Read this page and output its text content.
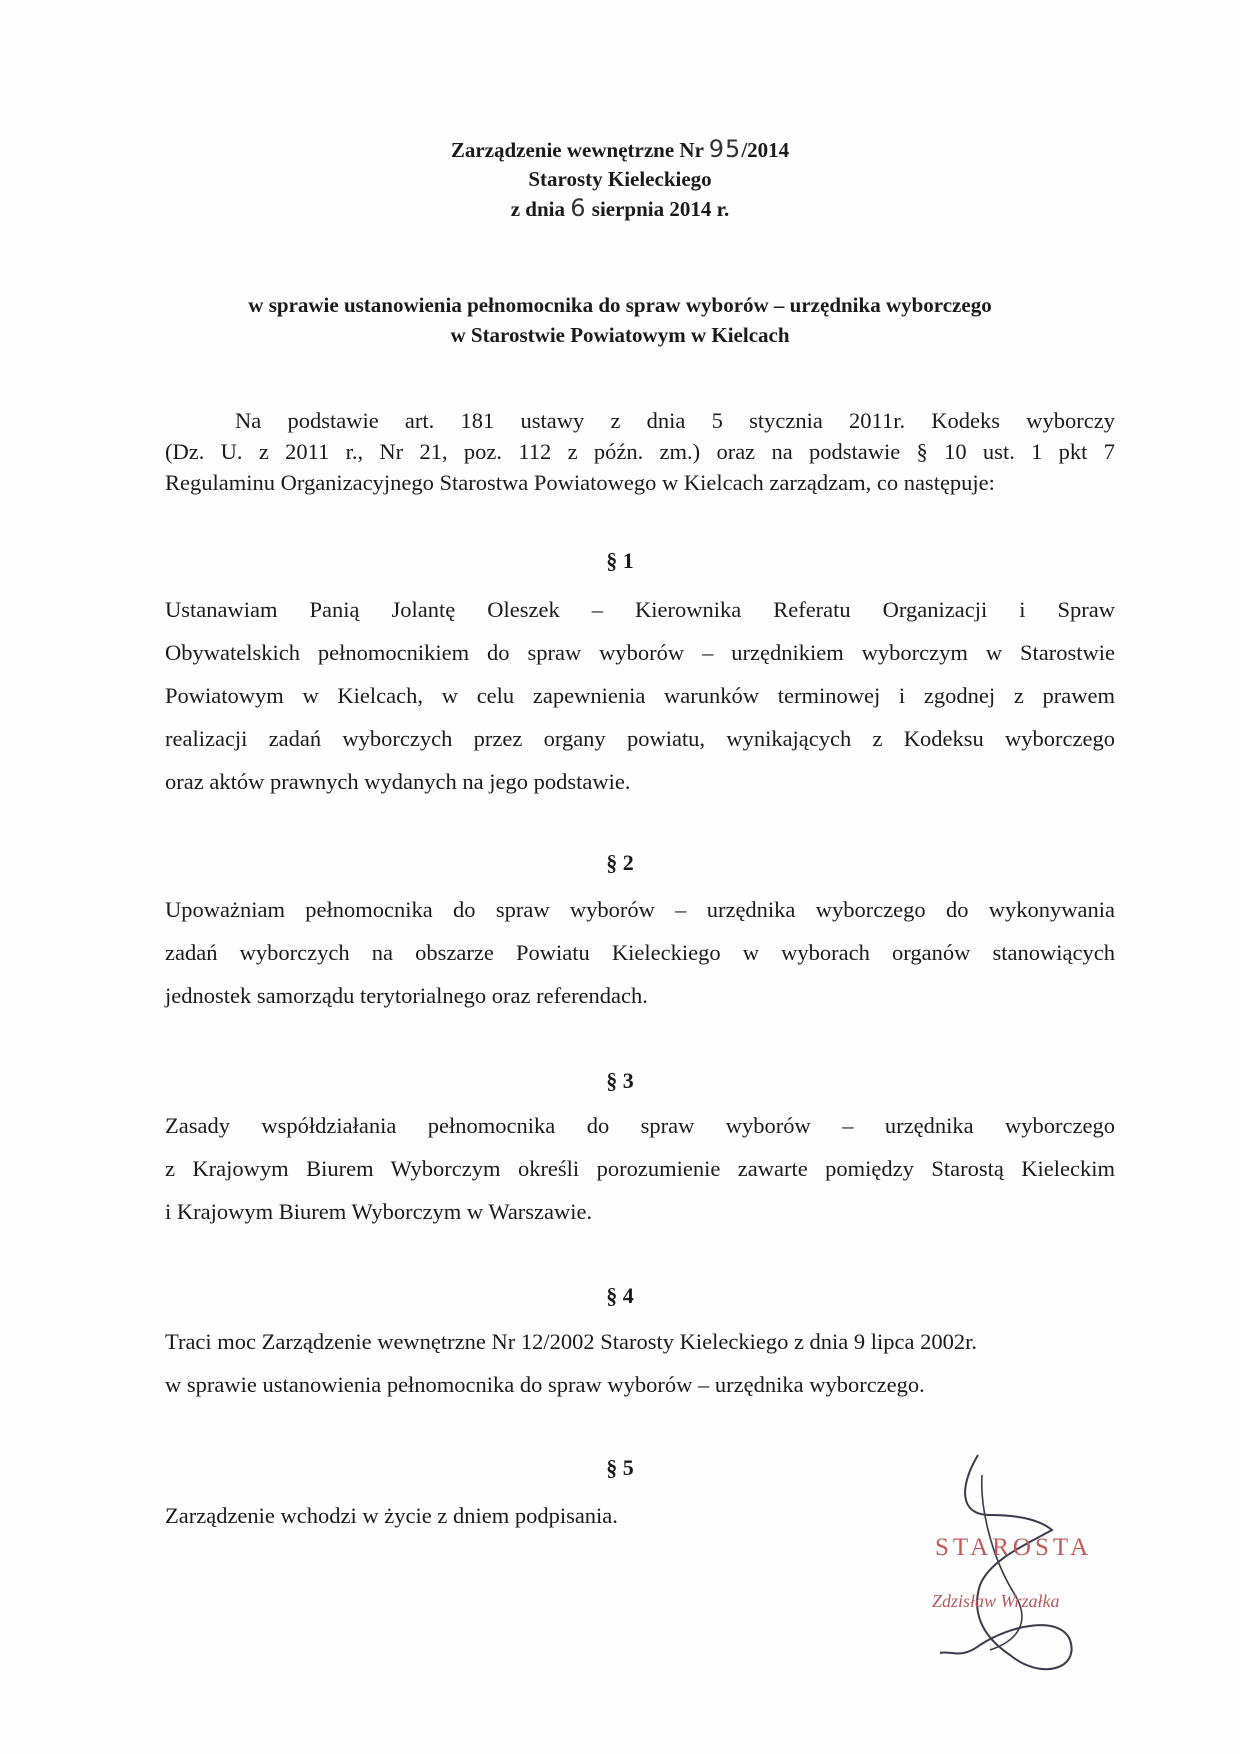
Zarządzenie wewnętrzne Nr 95/2014
Starosty Kieleckiego
z dnia 6 sierpnia 2014 r.
w sprawie ustanowienia pełnomocnika do spraw wyborów – urzędnika wyborczego
w Starostwie Powiatowym w Kielcach

Na podstawie art. 181 ustawy z dnia 5 stycznia 2011r. Kodeks wyborczy
(Dz. U. z 2011 r., Nr 21, poz. 112 z późn. zm.) oraz na podstawie § 10 ust. 1 pkt 7
Regulaminu Organizacyjnego Starostwa Powiatowego w Kielcach zarządzam, co następuje:

§ 1

Ustanawiam Panią Jolantę Oleszek – Kierownika Referatu Organizacji i Spraw
Obywatelskich pełnomocnikiem do spraw wyborów – urzędnikiem wyborczym w Starostwie
Powiatowym w Kielcach, w celu zapewnienia warunków terminowej i zgodnej z prawem
realizacji zadań wyborczych przez organy powiatu, wynikających z Kodeksu wyborczego
oraz aktów prawnych wydanych na jego podstawie.

§ 2

Upoważniam pełnomocnika do spraw wyborów – urzędnika wyborczego do wykonywania
zadań wyborczych na obszarze Powiatu Kieleckiego w wyborach organów stanowiących
jednostek samorządu terytorialnego oraz referendach.

§ 3

Zasady współdziałania pełnomocnika do spraw wyborów – urzędnika wyborczego
z Krajowym Biurem Wyborczym określi porozumienie zawarte pomiędzy Starostą Kieleckim
i Krajowym Biurem Wyborczym w Warszawie.

§ 4

Traci moc Zarządzenie wewnętrzne Nr 12/2002 Starosty Kieleckiego z dnia 9 lipca 2002r.
w sprawie ustanowienia pełnomocnika do spraw wyborów – urzędnika wyborczego.

§ 5

Zarządzenie wchodzi w życie z dniem podpisania.

STAROSTA
Zdzisław Wrzałka
